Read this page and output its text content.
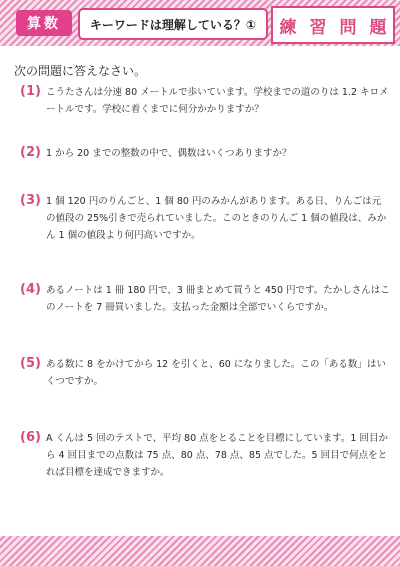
算数	キーワードは理解している？①	練 習 問 題
次の問題に答えなさい。
(1) こうたさんは分速 80 メートルで歩いています。学校までの道のりは 1.2 キロメートルです。学校に着くまでに何分かかりますか？
(2) 1 から 20 までの整数の中で、偶数はいくつありますか？
(3) 1 個 120 円のりんごと、1 個 80 円のみかんがあります。ある日、りんごは元の値段の 25%引きで売られていました。このときのりんご 1 個の値段は、みかん 1 個の値段より何円高いですか。
(4) あるノートは 1 冊 180 円で、3 冊まとめて買うと 450 円です。たかしさんはこのノートを 7 冊買いました。支払った金額は全部でいくらですか。
(5) ある数に 8 をかけてから 12 を引くと、60 になりました。この「ある数」はいくつですか。
(6) A くんは 5 回のテストで、平均 80 点をとることを目標にしています。1 回目から 4 回目までの点数は 75 点、80 点、78 点、85 点でした。5 回目で何点をとれば目標を達成できますか。
